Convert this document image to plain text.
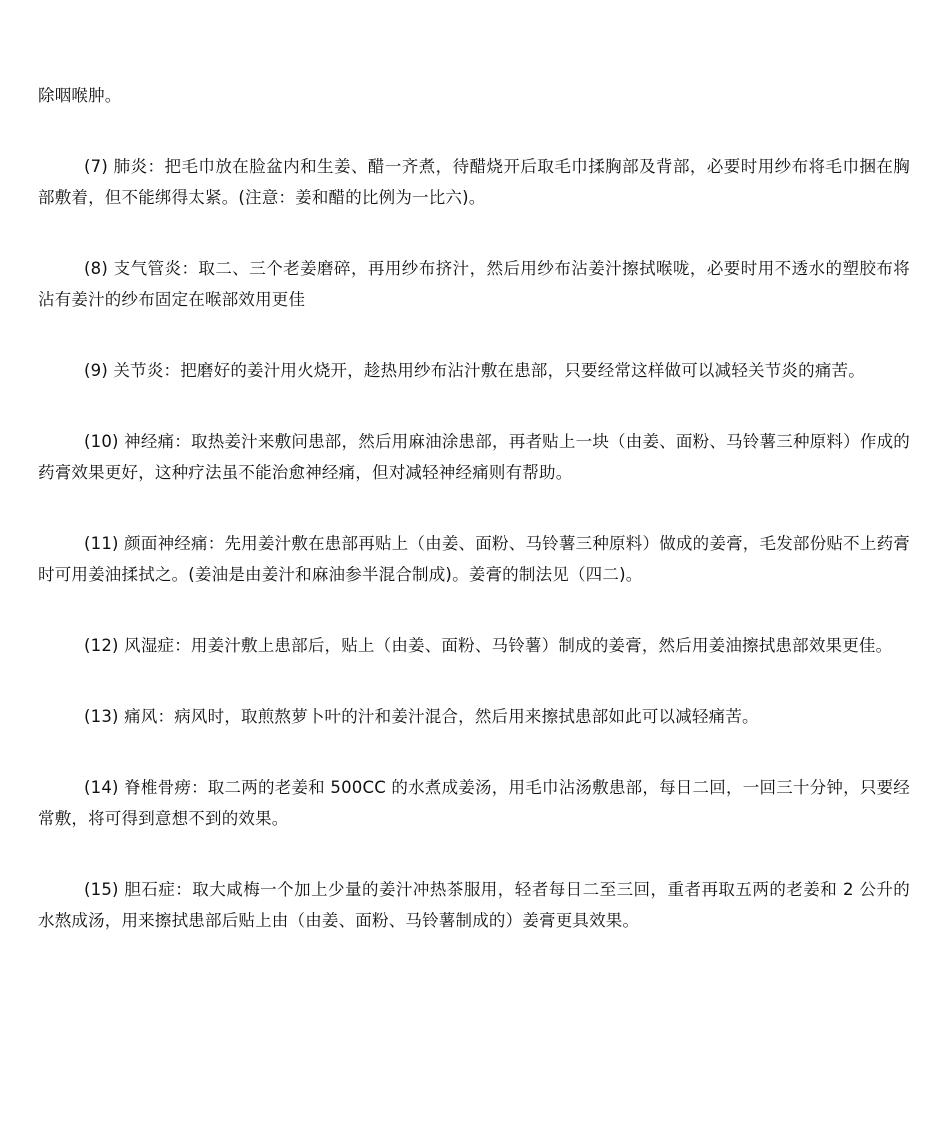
除咽喉肿。

(7) 肺炎：把毛巾放在脸盆内和生姜、醋一齐煮，待醋烧开后取毛巾揉胸部及背部，必要时用纱布将毛巾捆在胸部敷着，但不能绑得太紧。(注意：姜和醋的比例为一比六)。

(8) 支气管炎：取二、三个老姜磨碎，再用纱布挤汁，然后用纱布沾姜汁擦拭喉咙，必要时用不透水的塑胶布将沾有姜汁的纱布固定在喉部效用更佳

(9) 关节炎：把磨好的姜汁用火烧开，趁热用纱布沾汁敷在患部，只要经常这样做可以减轻关节炎的痛苦。

(10) 神经痛：取热姜汁来敷问患部，然后用麻油涂患部，再者贴上一块（由姜、面粉、马铃薯三种原料）作成的药膏效果更好，这种疗法虽不能治愈神经痛，但对减轻神经痛则有帮助。

(11) 颜面神经痛：先用姜汁敷在患部再贴上（由姜、面粉、马铃薯三种原料）做成的姜膏，毛发部份贴不上药膏时可用姜油揉拭之。(姜油是由姜汁和麻油参半混合制成)。姜膏的制法见（四二)。

(12) 风湿症：用姜汁敷上患部后，贴上（由姜、面粉、马铃薯）制成的姜膏，然后用姜油擦拭患部效果更佳。

(13) 痛风：病风时，取煎熬萝卜叶的汁和姜汁混合，然后用来擦拭患部如此可以减轻痛苦。

(14) 脊椎骨痨：取二两的老姜和 500CC 的水煮成姜汤，用毛巾沾汤敷患部，每日二回，一回三十分钟，只要经常敷，将可得到意想不到的效果。

(15) 胆石症：取大咸梅一个加上少量的姜汁冲热茶服用，轻者每日二至三回，重者再取五两的老姜和 2 公升的水熬成汤，用来擦拭患部后贴上由（由姜、面粉、马铃薯制成的）姜膏更具效果。
